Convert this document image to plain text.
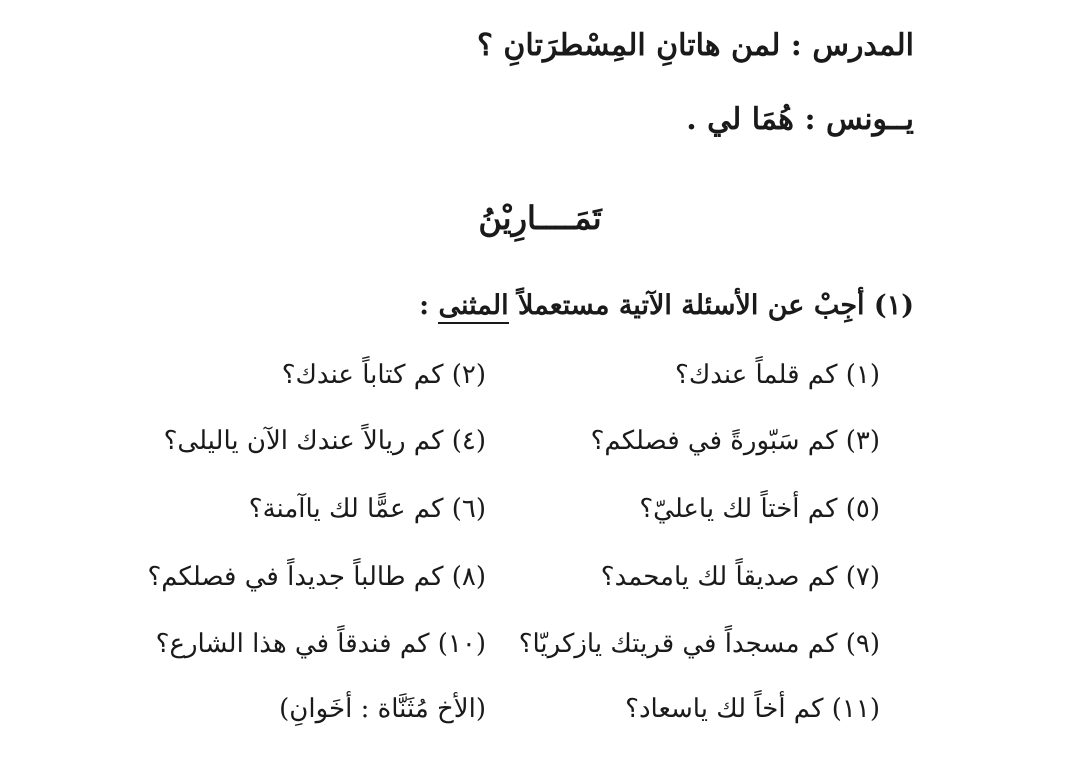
المدرس : لمن هاتانِ المِسْطرَتانِ ؟
يــونس : هُمَا لي .
تَمَــــارِيْنُ
(١) أجِبْ عن الأسئلة الآتية مستعملاً المثنى :
(١) كم قلماً عندك؟
(٢) كم كتاباً عندك؟
(٣) كم سَبّورةً في فصلكم؟
(٤) كم ريالاً عندك الآن ياليلى؟
(٥) كم أختاً لك ياعليّ؟
(٦) كم عمًّا لك ياآمنة؟
(٧) كم صديقاً لك يامحمد؟
(٨) كم طالباً جديداً في فصلكم؟
(٩) كم مسجداً في قريتك يازكريّا؟
(١٠) كم فندقاً في هذا الشارع؟
(١١) كم أخاً لك ياسعاد؟
(الأخ مُثَنَّاة : أخَوانِ)
